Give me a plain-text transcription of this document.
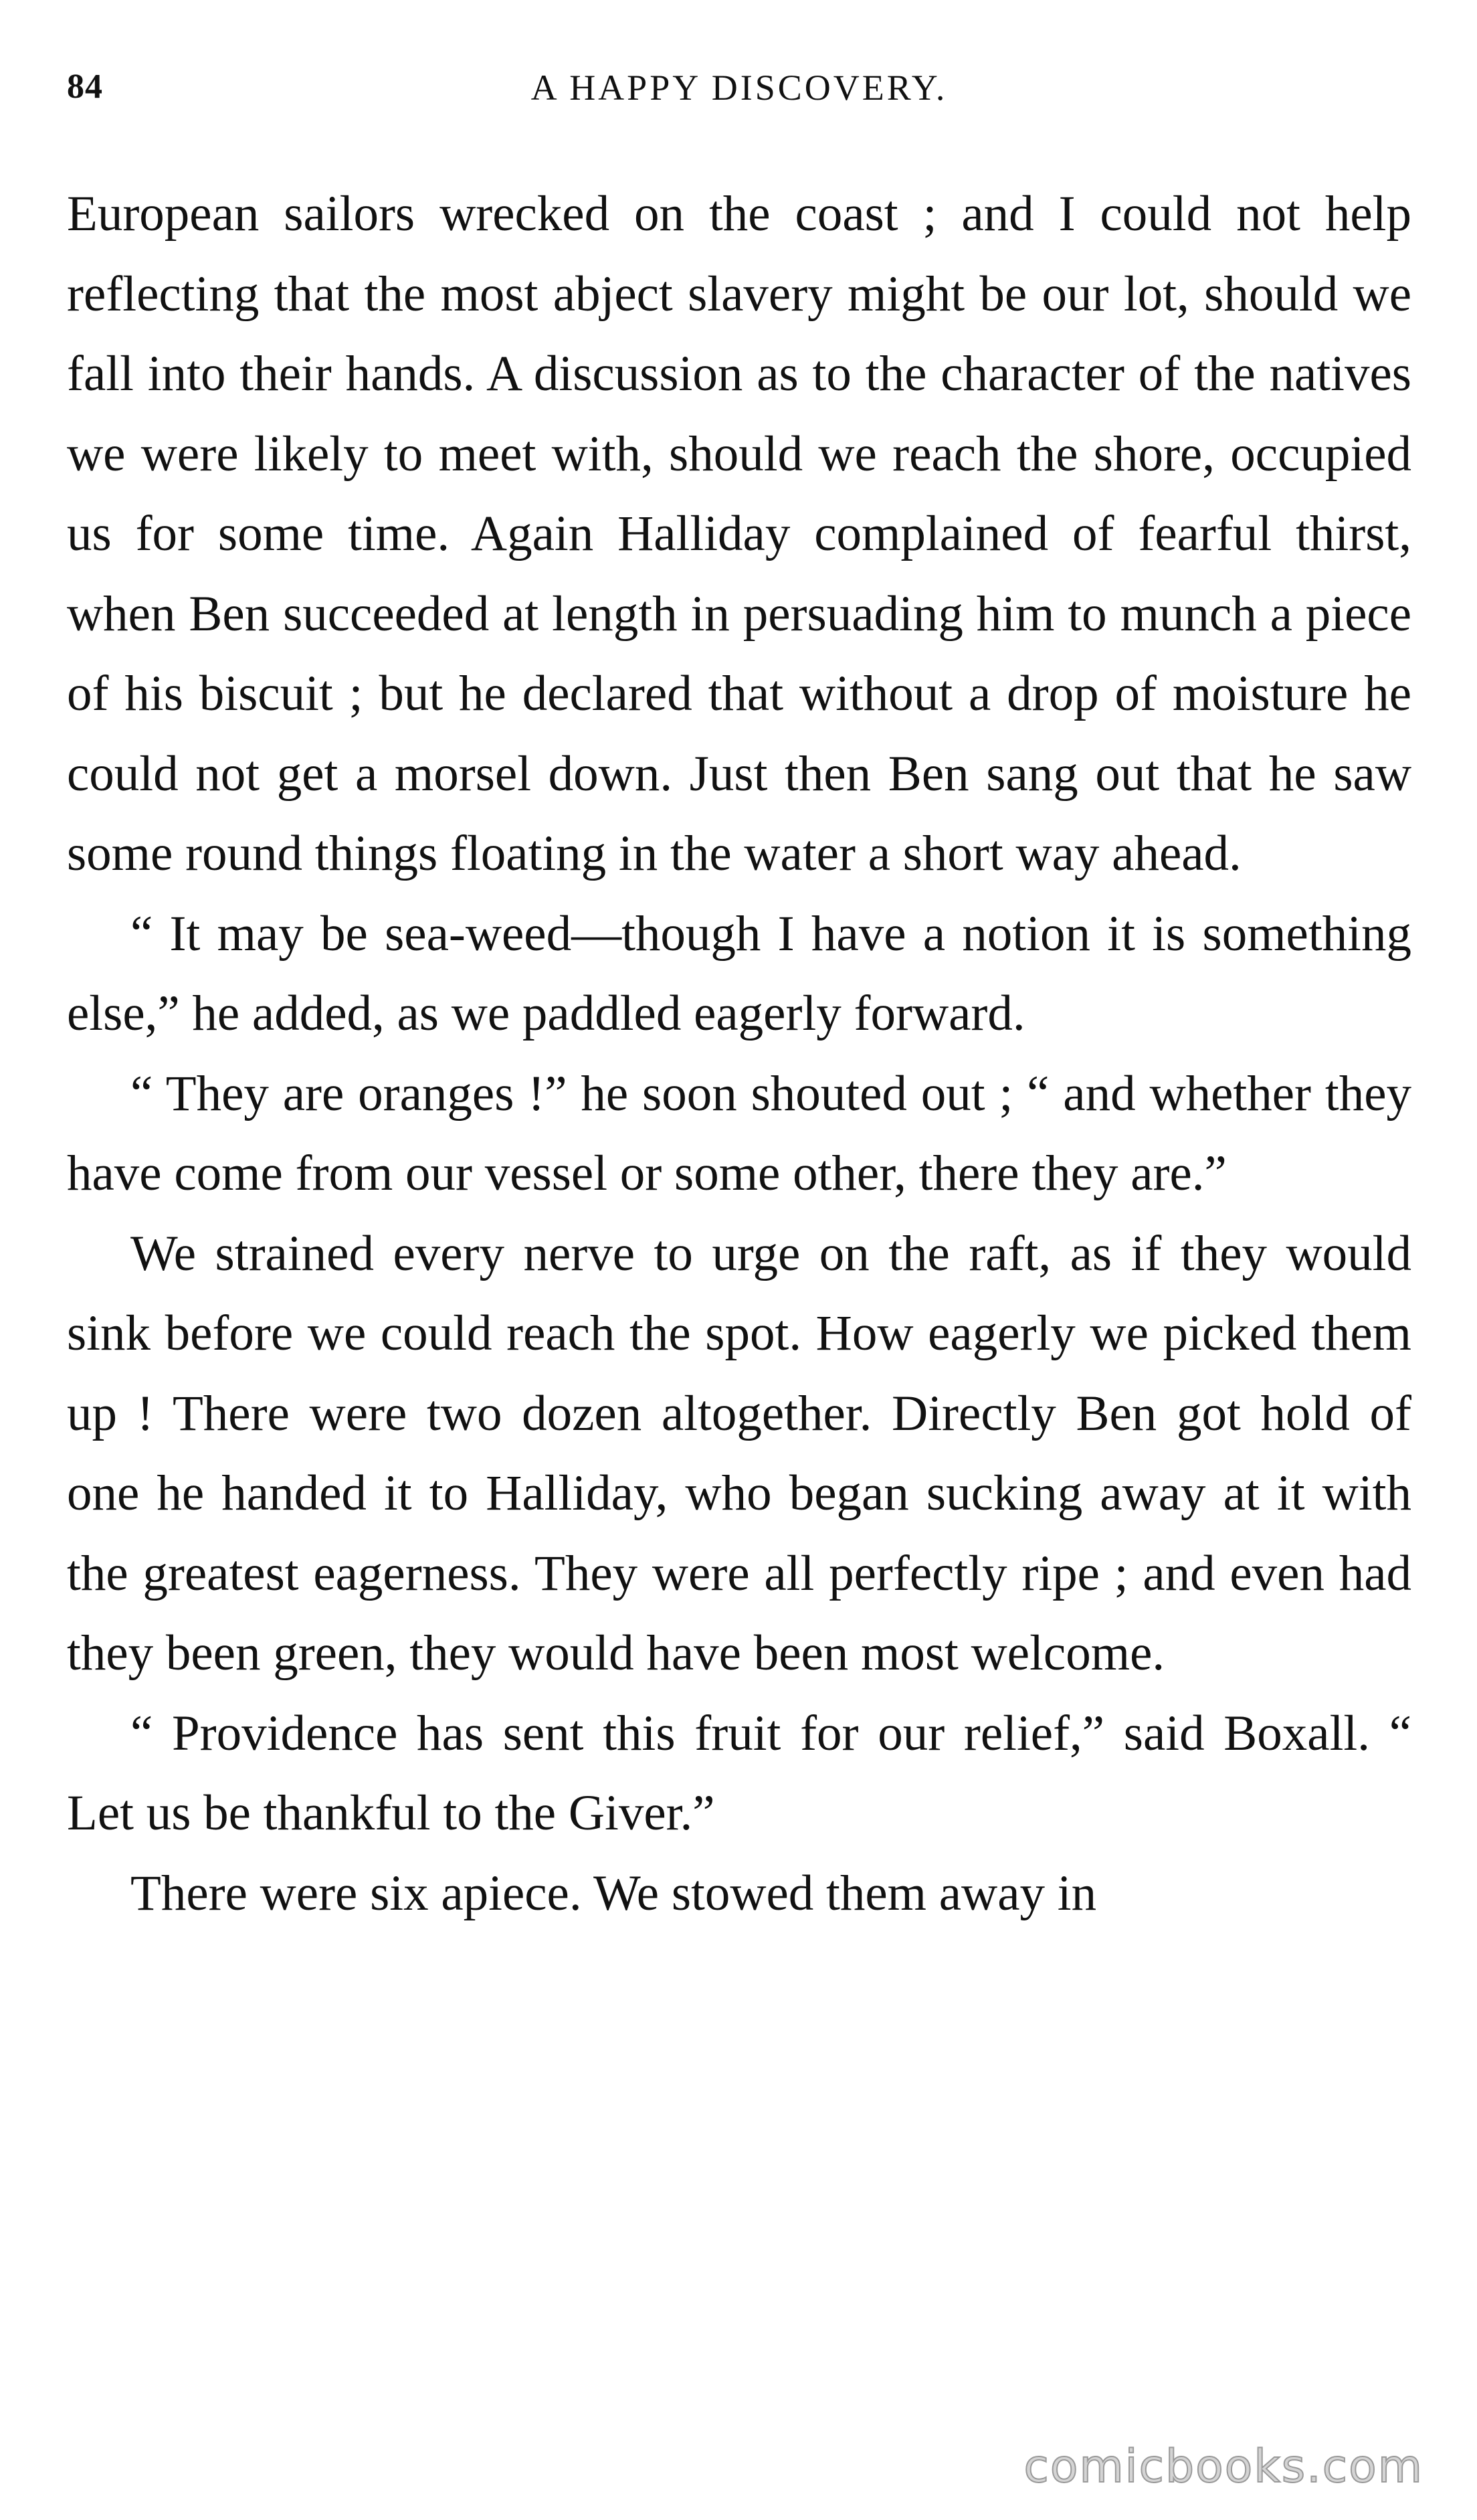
84	A HAPPY DISCOVERY.

European sailors wrecked on the coast ; and I could not help reflecting that the most abject slavery might be our lot, should we fall into their hands. A discussion as to the character of the natives we were likely to meet with, should we reach the shore, occupied us for some time. Again Halliday complained of fearful thirst, when Ben succeeded at length in persuading him to munch a piece of his biscuit ; but he declared that without a drop of moisture he could not get a morsel down. Just then Ben sang out that he saw some round things floating in the water a short way ahead.

“ It may be sea-weed—though I have a notion it is something else,” he added, as we paddled eagerly forward.

“ They are oranges !” he soon shouted out ; “ and whether they have come from our vessel or some other, there they are.”

We strained every nerve to urge on the raft, as if they would sink before we could reach the spot. How eagerly we picked them up ! There were two dozen altogether. Directly Ben got hold of one he handed it to Halliday, who began sucking away at it with the greatest eagerness. They were all perfectly ripe ; and even had they been green, they would have been most welcome.

“ Providence has sent this fruit for our relief,” said Boxall. “ Let us be thankful to the Giver.”

There were six apiece. We stowed them away in

comicbooks.com
